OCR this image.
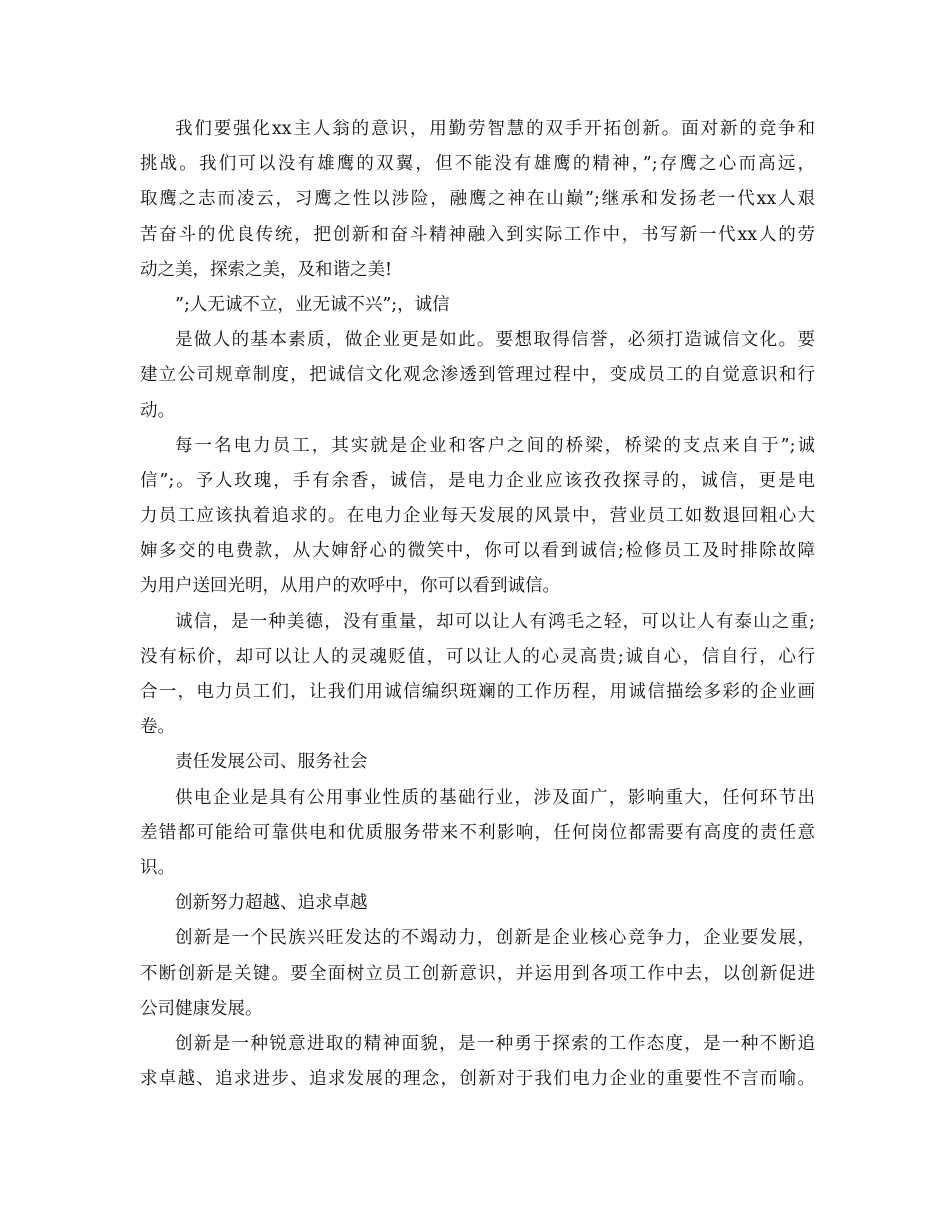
我们要强化xx主人翁的意识，用勤劳智慧的双手开拓创新。面对新的竞争和
挑战。我们可以没有雄鹰的双翼，但不能没有雄鹰的精神，”;存鹰之心而高远，
取鹰之志而凌云，习鹰之性以涉险，融鹰之神在山巅”;继承和发扬老一代xx人艰
苦奋斗的优良传统，把创新和奋斗精神融入到实际工作中，书写新一代xx人的劳
动之美，探索之美，及和谐之美!
”;人无诚不立，业无诚不兴”;，诚信
是做人的基本素质，做企业更是如此。要想取得信誉，必须打造诚信文化。要
建立公司规章制度，把诚信文化观念渗透到管理过程中，变成员工的自觉意识和行
动。
每一名电力员工，其实就是企业和客户之间的桥梁，桥梁的支点来自于”;诚
信”;。予人玫瑰，手有余香，诚信，是电力企业应该孜孜探寻的，诚信，更是电
力员工应该执着追求的。在电力企业每天发展的风景中，营业员工如数退回粗心大
婶多交的电费款，从大婶舒心的微笑中，你可以看到诚信;检修员工及时排除故障
为用户送回光明，从用户的欢呼中，你可以看到诚信。
诚信，是一种美德，没有重量，却可以让人有鸿毛之轻，可以让人有泰山之重;
没有标价，却可以让人的灵魂贬值，可以让人的心灵高贵;诚自心，信自行，心行
合一，电力员工们，让我们用诚信编织斑斓的工作历程，用诚信描绘多彩的企业画
卷。
责任发展公司、服务社会
供电企业是具有公用事业性质的基础行业，涉及面广，影响重大，任何环节出
差错都可能给可靠供电和优质服务带来不利影响，任何岗位都需要有高度的责任意
识。
创新努力超越、追求卓越
创新是一个民族兴旺发达的不竭动力，创新是企业核心竞争力，企业要发展，
不断创新是关键。要全面树立员工创新意识，并运用到各项工作中去，以创新促进
公司健康发展。
创新是一种锐意进取的精神面貌，是一种勇于探索的工作态度，是一种不断追
求卓越、追求进步、追求发展的理念，创新对于我们电力企业的重要性不言而喻。
